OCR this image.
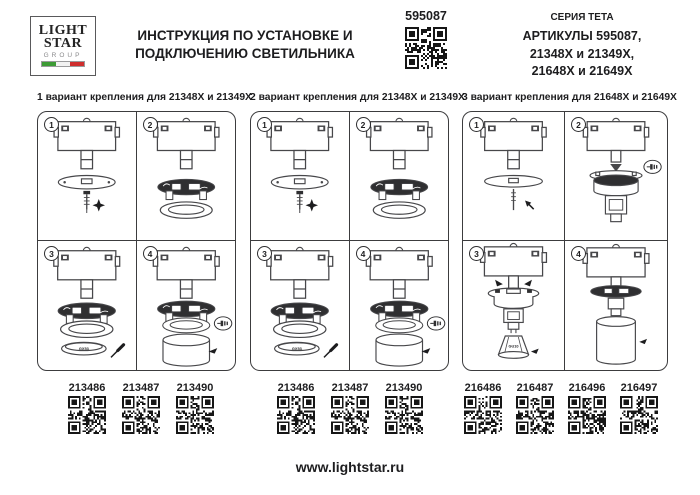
LIGHT
STAR
GROUP
ИНСТРУКЦИЯ ПО УСТАНОВКЕ И
ПОДКЛЮЧЕНИЮ СВЕТИЛЬНИКА
595087	СЕРИЯ TETA
АРТИКУЛЫ 595087,
21348X и 21349X,
21648X и 21649X
1 вариант крепления для 21348X и 21349X
1	2
3
GX53
4
2 вариант крепления для 21348X и 21349X
1	2
3
GX53
4
3 вариант крепления для 21648X и 21649X
1	2
3
GU10
4
213486	213487	213490	213486	213487	213490	216486	216487	216496	216497
www.lightstar.ru
